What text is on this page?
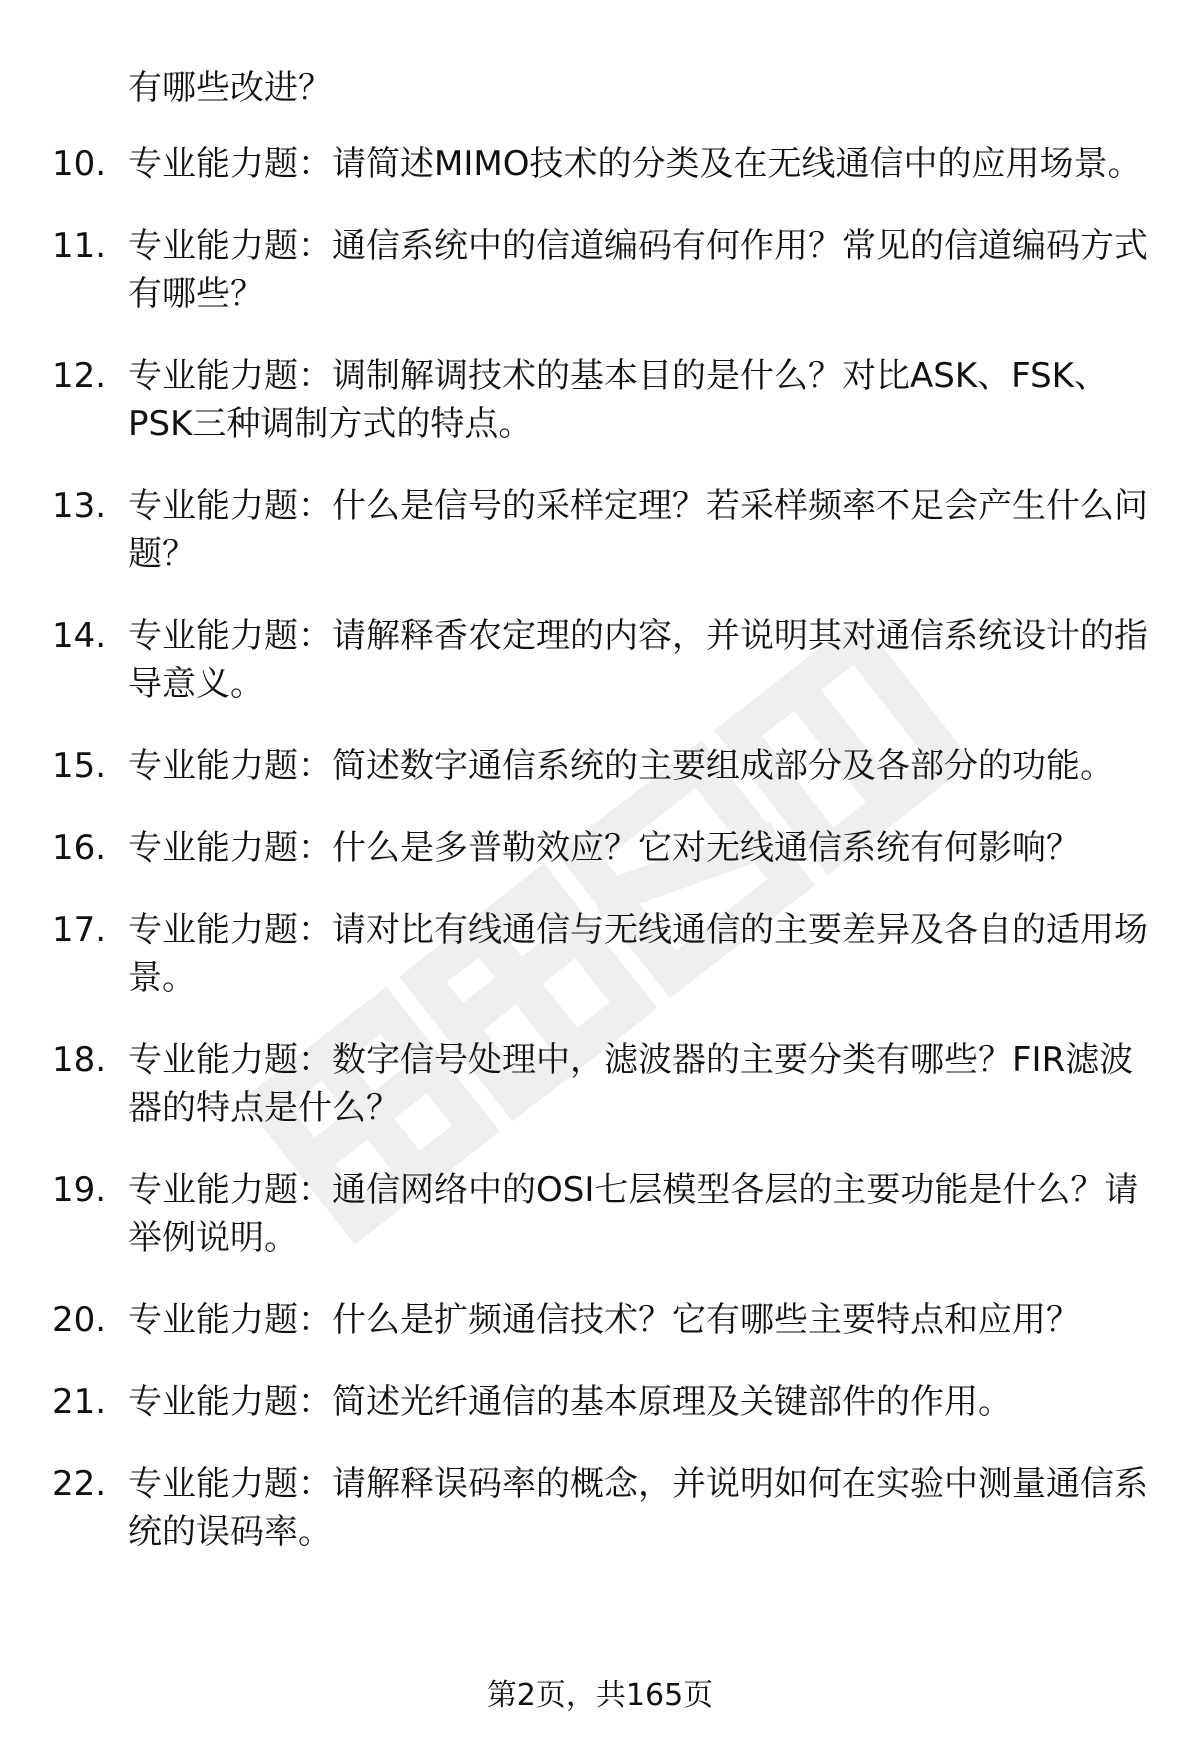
有哪些改进？

10. 专业能力题：请简述MIMO技术的分类及在无线通信中的应用场景。
11. 专业能力题：通信系统中的信道编码有何作用？常见的信道编码方式有哪些？
12. 专业能力题：调制解调技术的基本目的是什么？对比ASK、FSK、PSK三种调制方式的特点。
13. 专业能力题：什么是信号的采样定理？若采样频率不足会产生什么问题？
14. 专业能力题：请解释香农定理的内容，并说明其对通信系统设计的指导意义。
15. 专业能力题：简述数字通信系统的主要组成部分及各部分的功能。
16. 专业能力题：什么是多普勒效应？它对无线通信系统有何影响？
17. 专业能力题：请对比有线通信与无线通信的主要差异及各自的适用场景。
18. 专业能力题：数字信号处理中，滤波器的主要分类有哪些？FIR滤波器的特点是什么？
19. 专业能力题：通信网络中的OSI七层模型各层的主要功能是什么？请举例说明。
20. 专业能力题：什么是扩频通信技术？它有哪些主要特点和应用？
21. 专业能力题：简述光纤通信的基本原理及关键部件的作用。
22. 专业能力题：请解释误码率的概念，并说明如何在实验中测量通信系统的误码率。
第2页，共165页
